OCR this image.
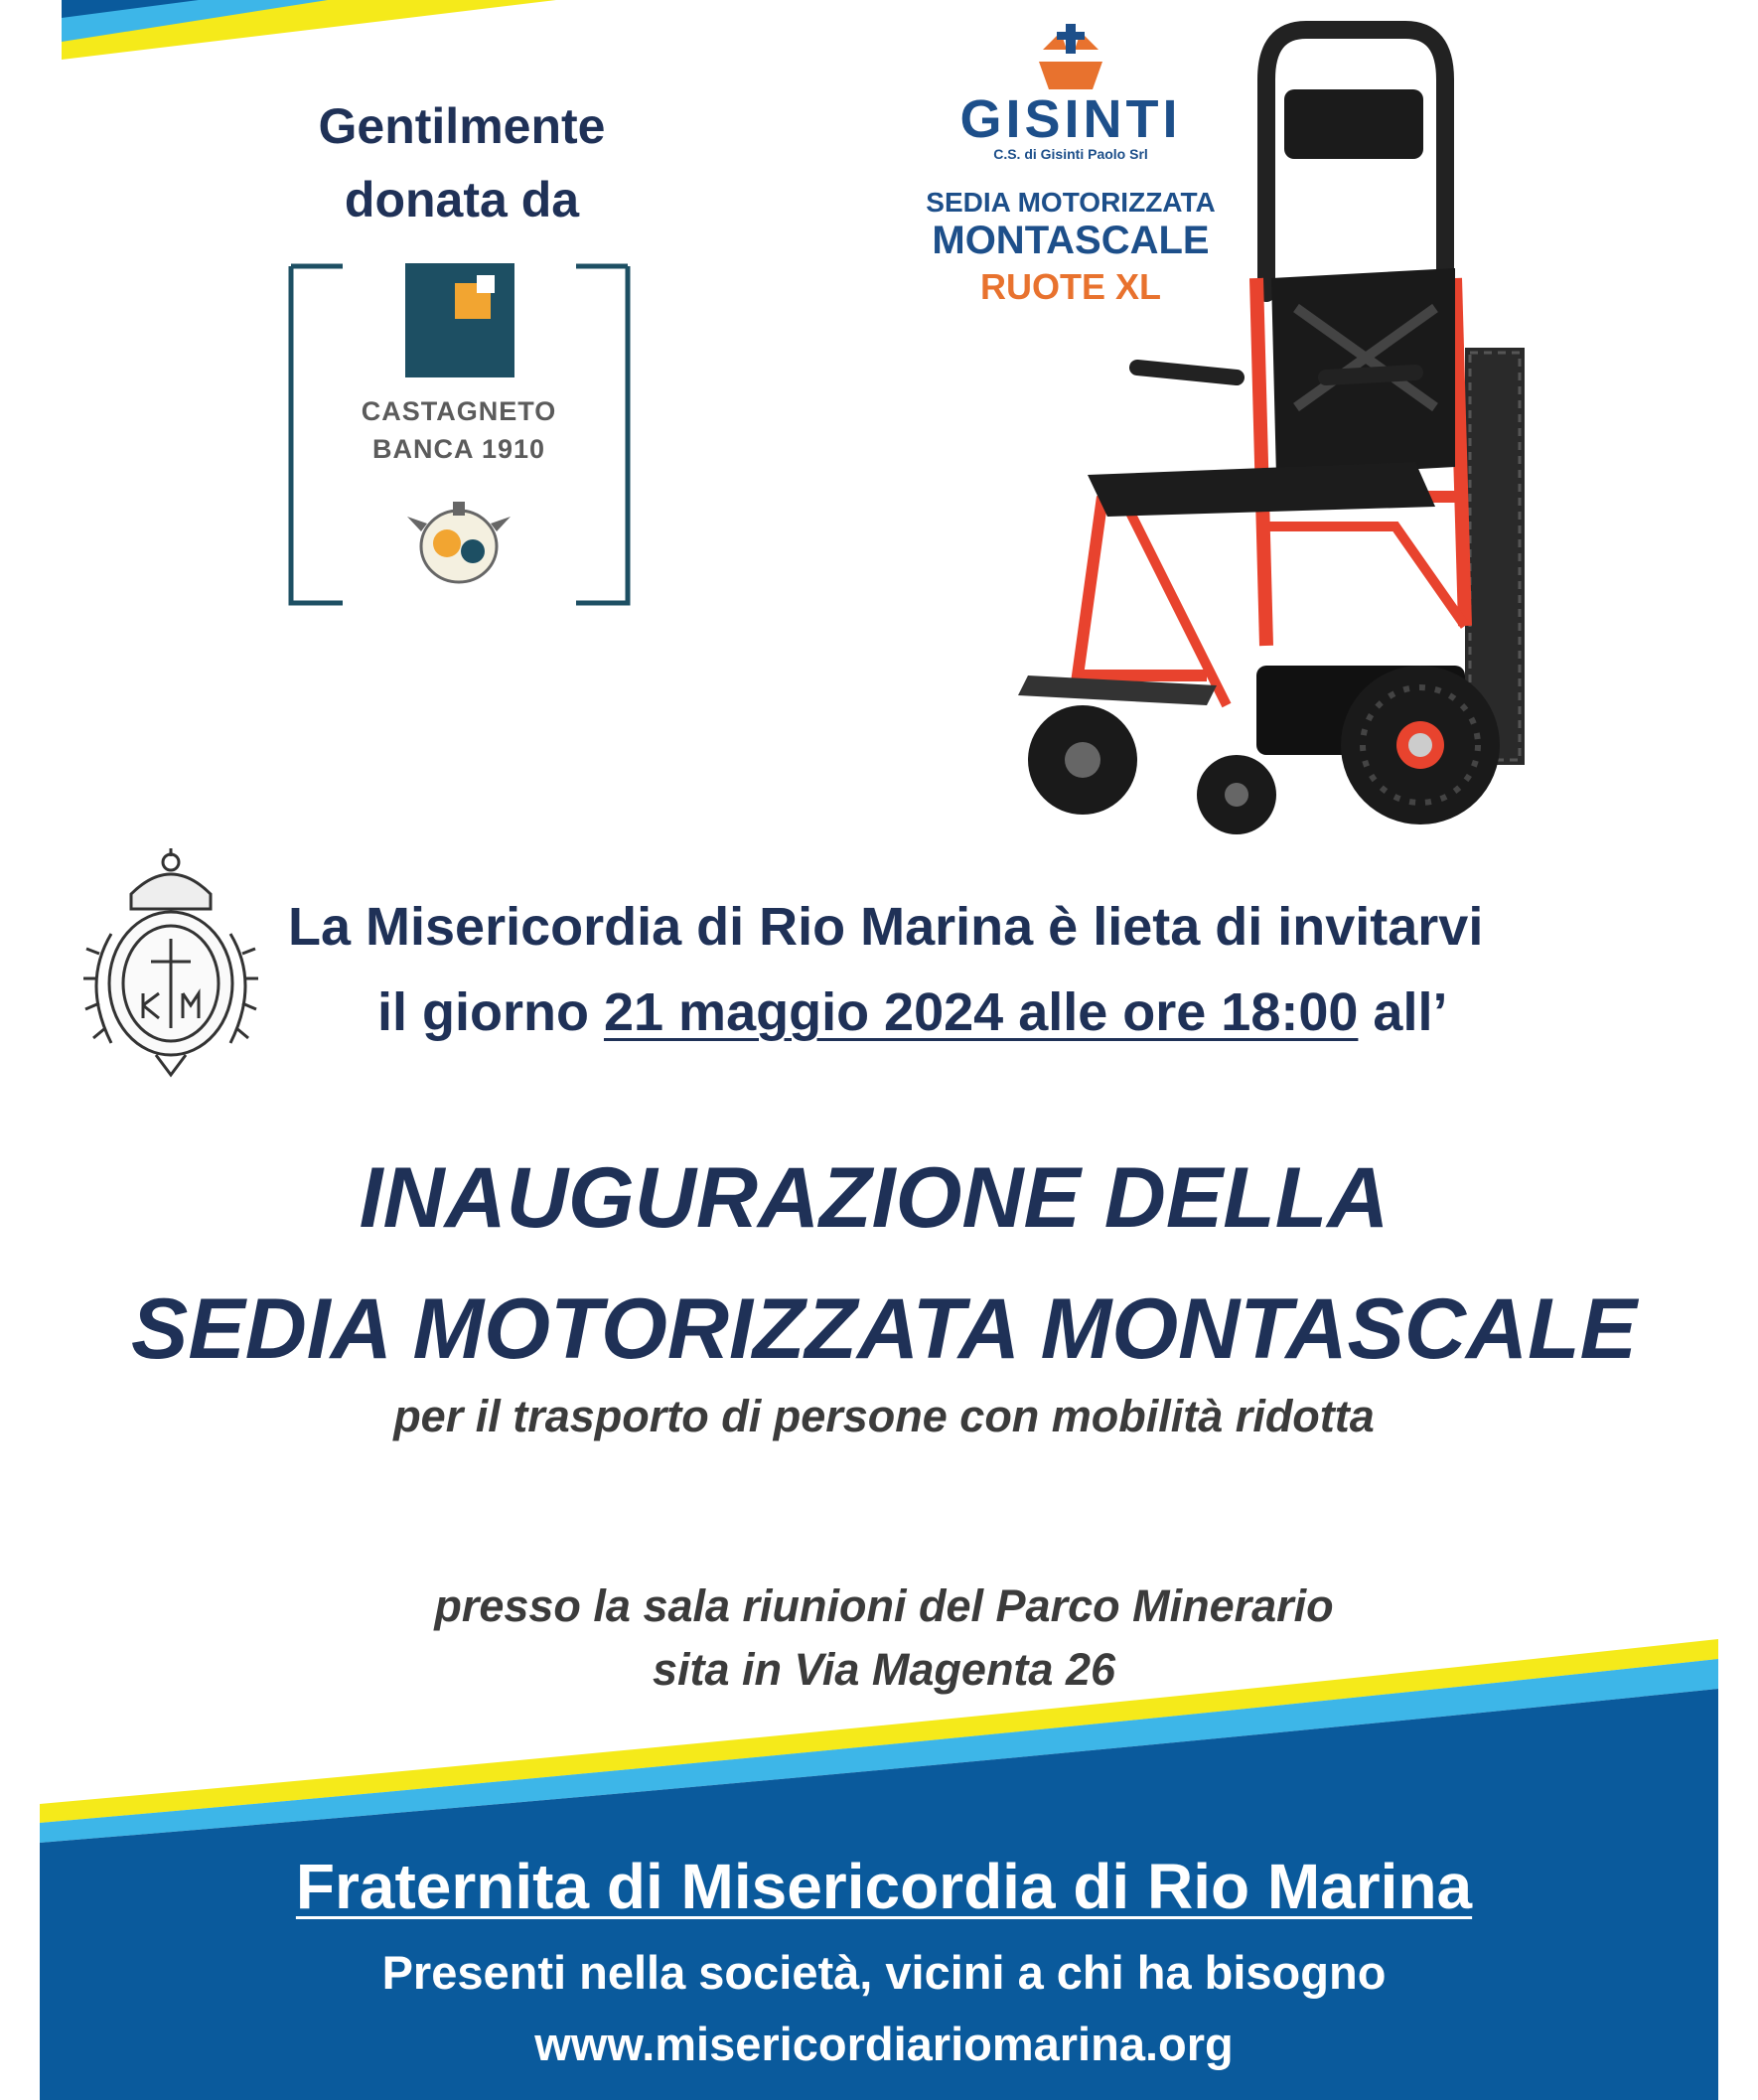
Gentilmente
donata da
CASTAGNETO
BANCA 1910
GISINTI
C.S. di Gisinti Paolo Srl
SEDIA MOTORIZZATA
MONTASCALE
RUOTE XL
La Misericordia di Rio Marina è lieta di invitarvi
il giorno 21 maggio 2024 alle ore 18:00 all’
INAUGURAZIONE DELLA
SEDIA MOTORIZZATA MONTASCALE
per il trasporto di persone con mobilità ridotta
presso la sala riunioni del Parco Minerario
sita in Via Magenta 26
Fraternita di Misericordia di Rio Marina
Presenti nella società, vicini a chi ha bisogno
www.misericordiariomarina.org
